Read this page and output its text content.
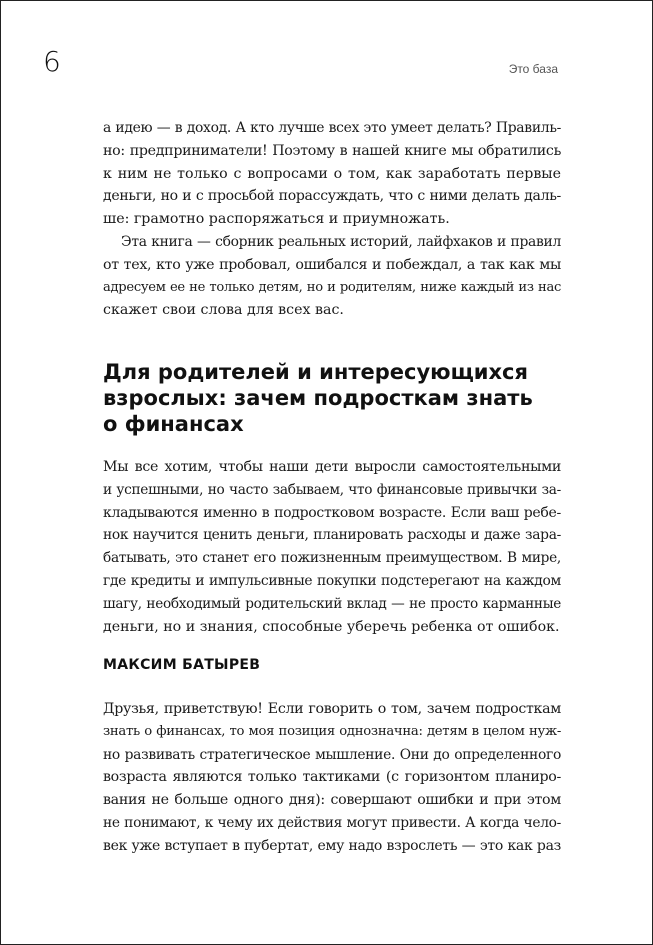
6	Это база
а идею — в доход. А кто лучше всех это умеет делать? Правиль-
но: предприниматели! Поэтому в нашей книге мы обратились
к ним не только с вопросами о том, как заработать первые
деньги, но и с просьбой порассуждать, что с ними делать даль-
ше: грамотно распоряжаться и приумножать.
Эта книга — сборник реальных историй, лайфхаков и правил
от тех, кто уже пробовал, ошибался и побеждал, а так как мы
адресуем ее не только детям, но и родителям, ниже каждый из нас
скажет свои слова для всех вас.
Для родителей и интересующихся
взрослых: зачем подросткам знать
о финансах
Мы все хотим, чтобы наши дети выросли самостоятельными
и успешными, но часто забываем, что финансовые привычки за-
кладываются именно в подростковом возрасте. Если ваш ребе-
нок научится ценить деньги, планировать расходы и даже зара-
батывать, это станет его пожизненным преимуществом. В мире,
где кредиты и импульсивные покупки подстерегают на каждом
шагу, необходимый родительский вклад — не просто карманные
деньги, но и знания, способные уберечь ребенка от ошибок.
МАКСИМ БАТЫРЕВ
Друзья, приветствую! Если говорить о том, зачем подросткам
знать о финансах, то моя позиция однозначна: детям в целом нуж-
но развивать стратегическое мышление. Они до определенного
возраста являются только тактиками (с горизонтом планиро-
вания не больше одного дня): совершают ошибки и при этом
не понимают, к чему их действия могут привести. А когда чело-
век уже вступает в пубертат, ему надо взрослеть — это как раз
